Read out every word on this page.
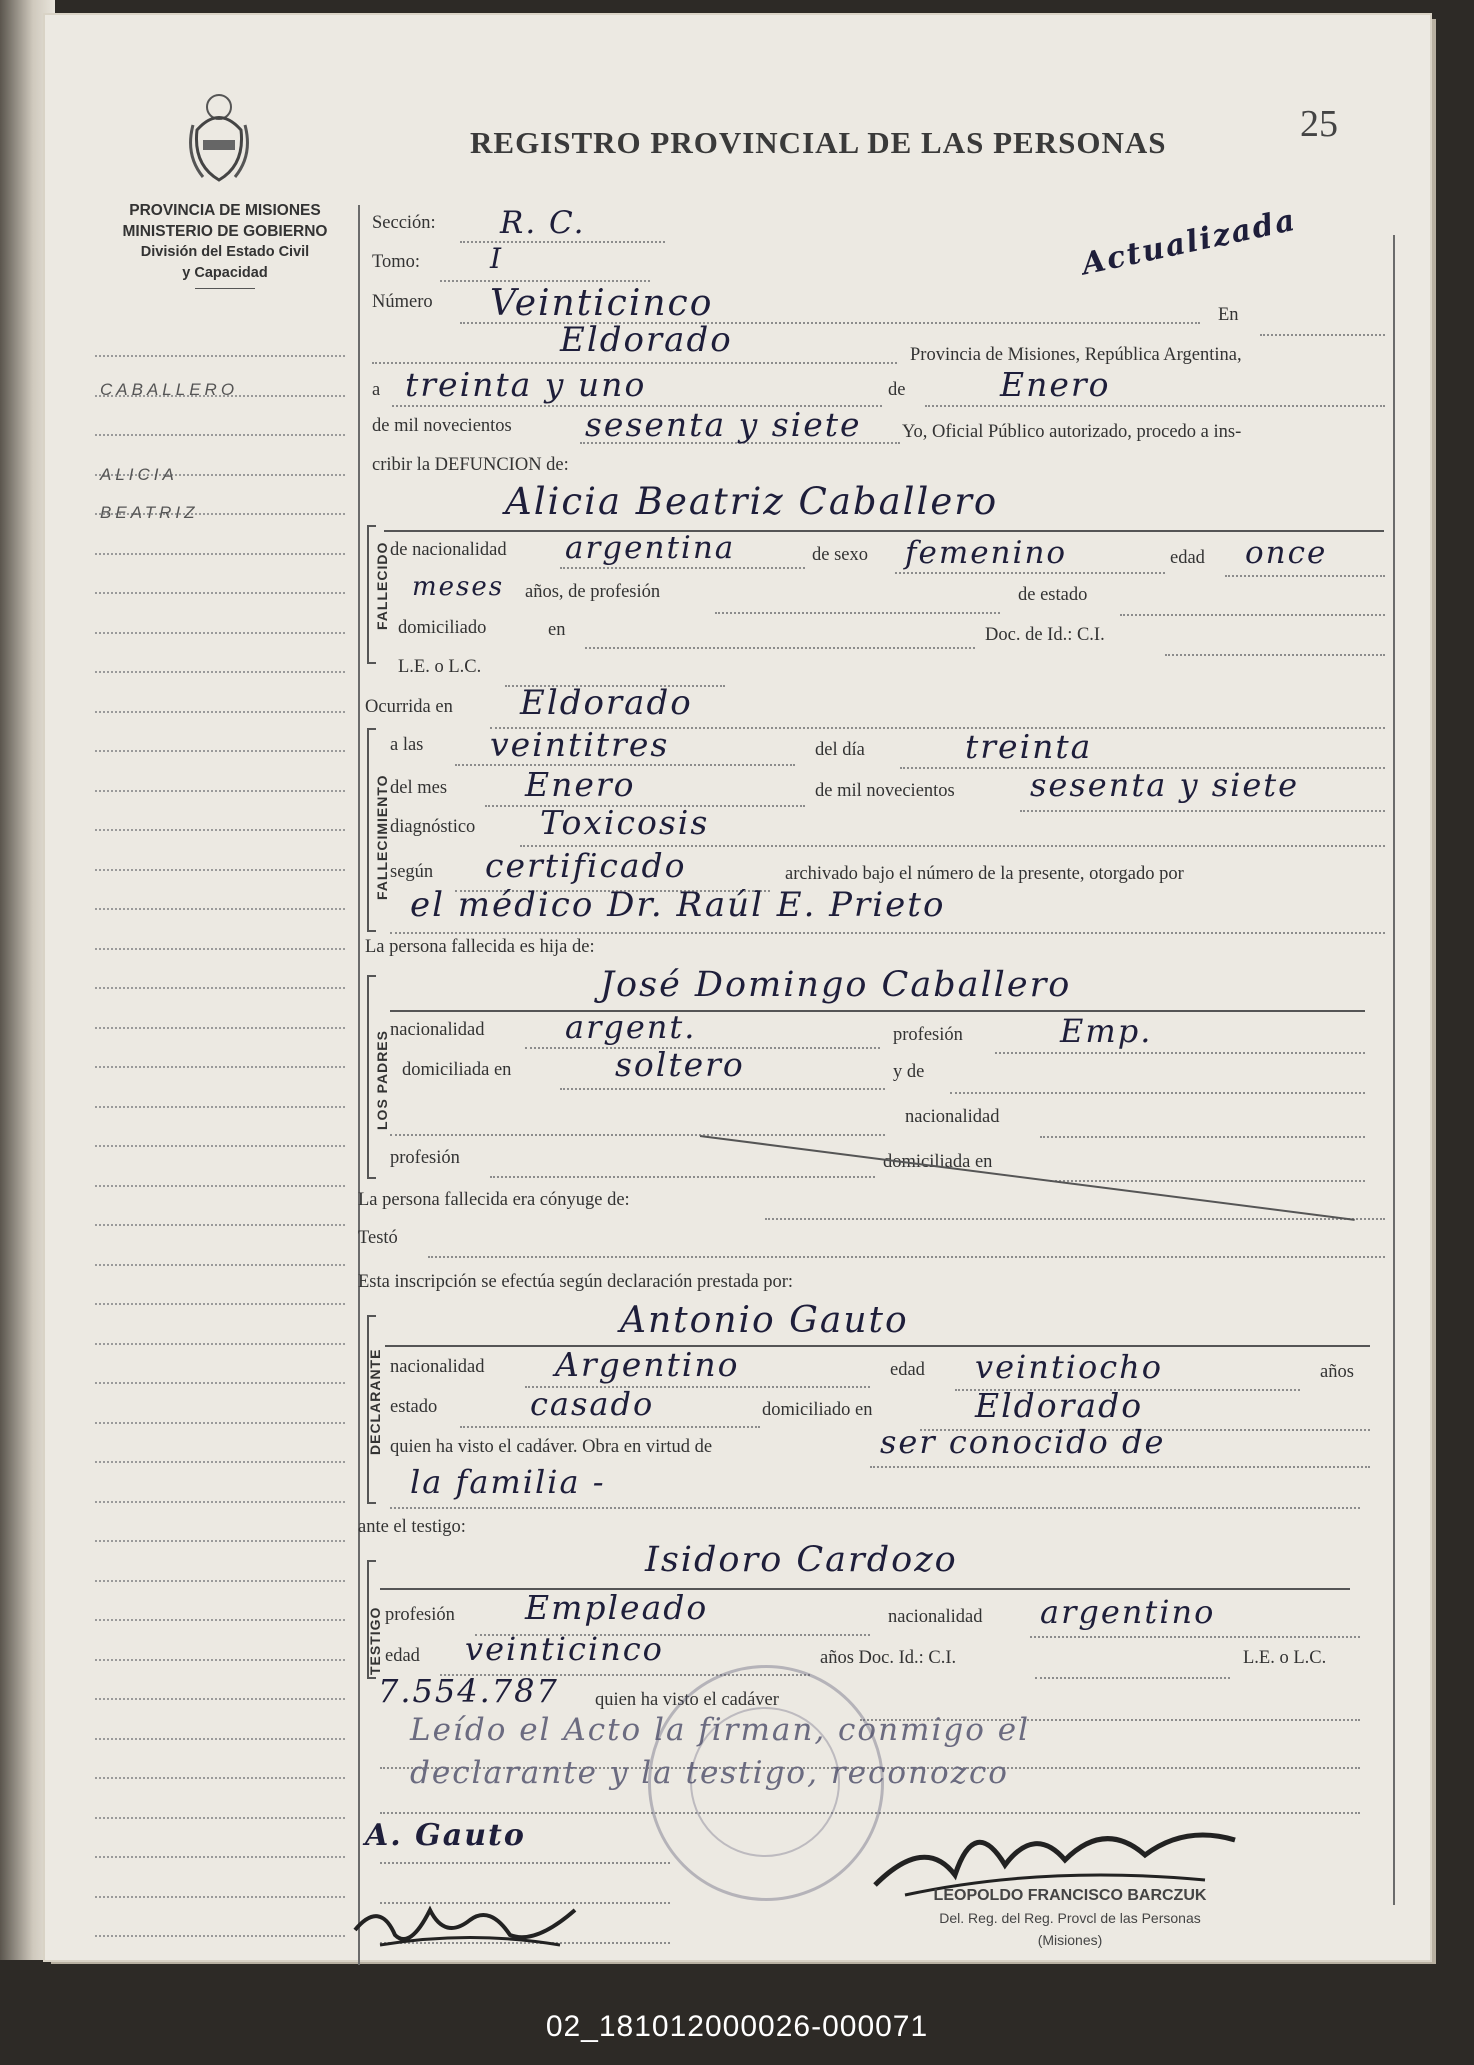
PROVINCIA DE MISIONES
MINISTERIO DE GOBIERNO
División del Estado Civil
y Capacidad
REGISTRO PROVINCIAL DE LAS PERSONAS	25
CABALLERO
ALICIA
BEATRIZ
Sección: R. C.
Tomo: I	Actualizada
Número Veinticinco	En
Eldorado	Provincia de Misiones, República Argentina,
a treinta y uno	de	Enero
de mil novecientos sesenta y siete Yo, Oficial Público autorizado, procedo a ins-
cribir la DEFUNCION de:
FALLECIDO
Alicia Beatriz Caballero
de nacionalidad argentina	de sexo femenino	edad once
meses años, de profesión	de estado
domiciliado	en	Doc. de Id.: C.I.
L.E. o L.C.
Ocurrida en Eldorado
FALLECIMIENTO
a las veintitres	del día	treinta
del mes Enero	de mil novecientos sesenta y siete
diagnóstico Toxicosis
según certificado	archivado bajo el número de la presente, otorgado por
el médico Dr. Raúl E. Prieto
La persona fallecida es hija de:
LOS PADRES
José Domingo Caballero
nacionalidad	argent.	profesión	Emp.
domiciliada en	soltero	y de
nacionalidad
profesión	domiciliada en
La persona fallecida era cónyuge de:
Testó
Esta inscripción se efectúa según declaración prestada por:
DECLARANTE
Antonio Gauto
nacionalidad Argentino	edad veintiocho	años
estado	casado	domiciliado en	Eldorado
quien ha visto el cadáver. Obra en virtud de	ser conocido de
la familia -
ante el testigo:
TESTIGO
Isidoro Cardozo
profesión Empleado	nacionalidad argentino
edad veinticinco	años Doc. Id.: C.I.	L.E. o L.C.
7.554.787 quien ha visto el cadáver
Leído el Acto la firman, conmigo el
declarante y la testigo, reconozco
A. Gauto
LEOPOLDO FRANCISCO BARCZUK
Del. Reg. del Reg. Provcl de las Personas
(Misiones)
02_181012000026-000071
